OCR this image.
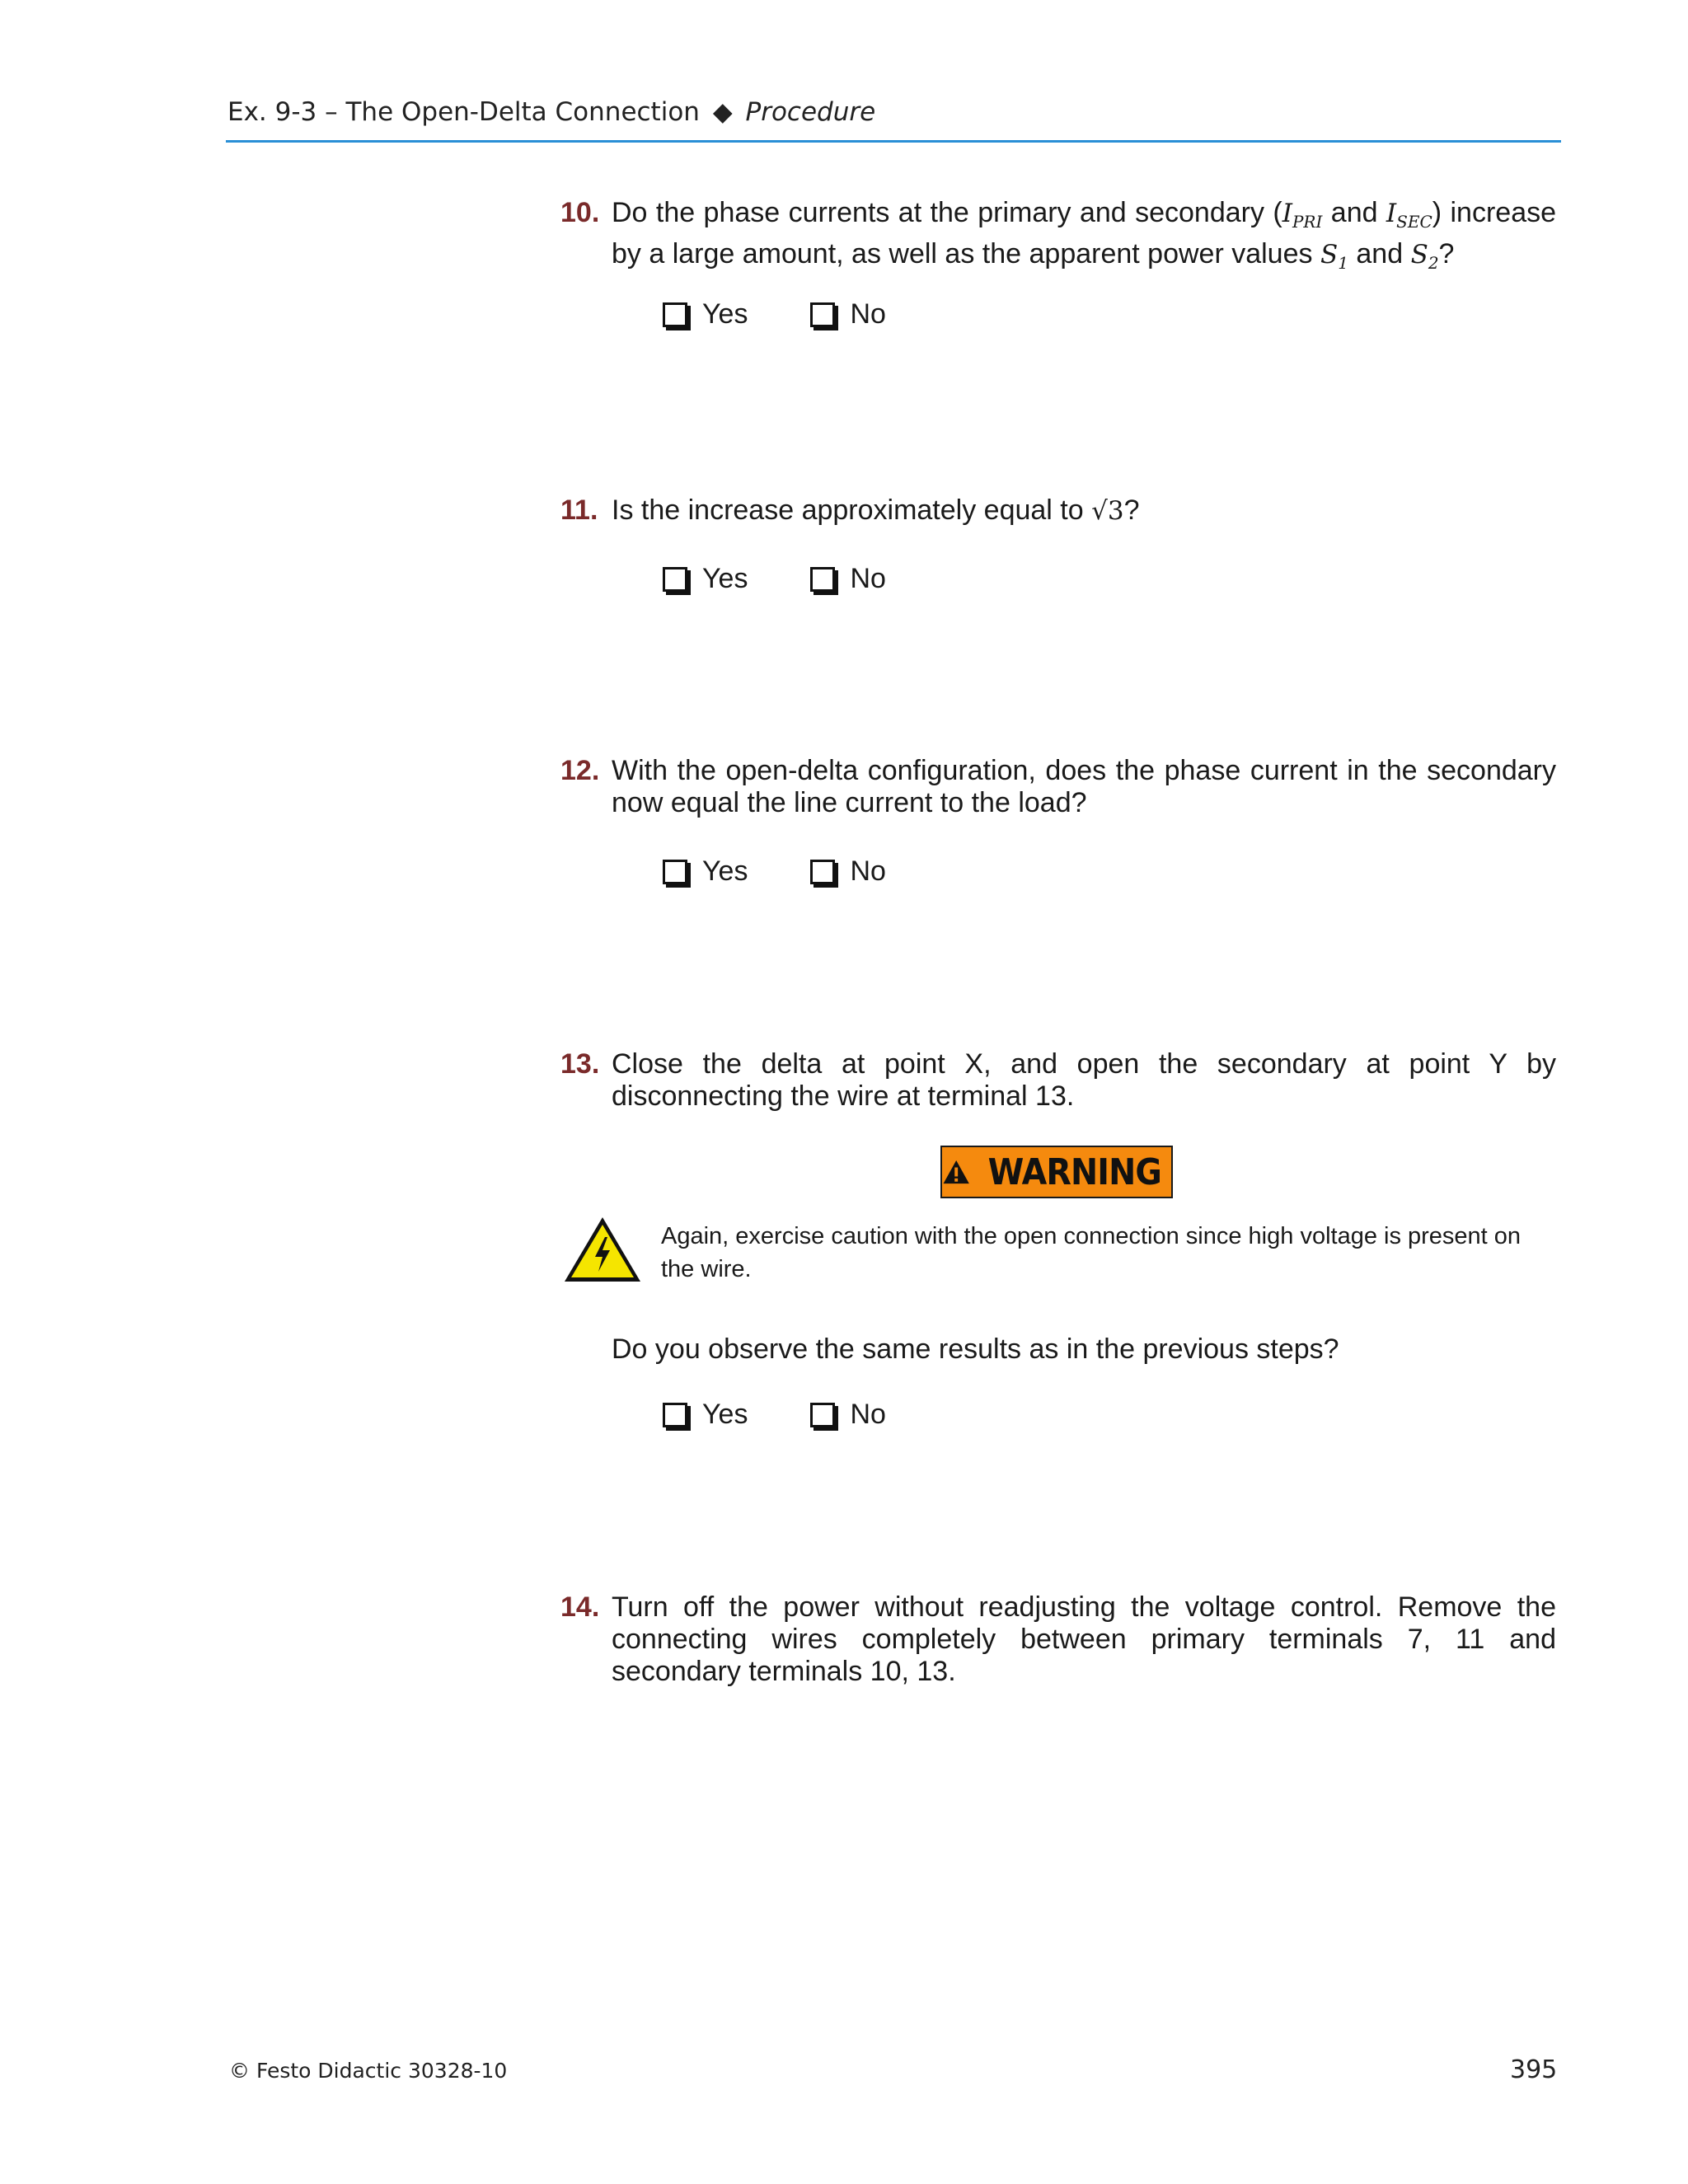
Ex. 9-3 – The Open-Delta Connection ◆ Procedure
10. Do the phase currents at the primary and secondary ($I_{PRI}$ and $I_{SEC}$) increase by a large amount, as well as the apparent power values $S_1$ and $S_2$?
Yes	No
11. Is the increase approximately equal to √3?
Yes	No
12. With the open-delta configuration, does the phase current in the secondary now equal the line current to the load?
Yes	No
13. Close the delta at point X, and open the secondary at point Y by disconnecting the wire at terminal 13.
WARNING
Again, exercise caution with the open connection since high voltage is present on the wire.
Do you observe the same results as in the previous steps?
Yes	No
14. Turn off the power without readjusting the voltage control. Remove the connecting wires completely between primary terminals 7, 11 and secondary terminals 10, 13.
© Festo Didactic 30328-10	395
